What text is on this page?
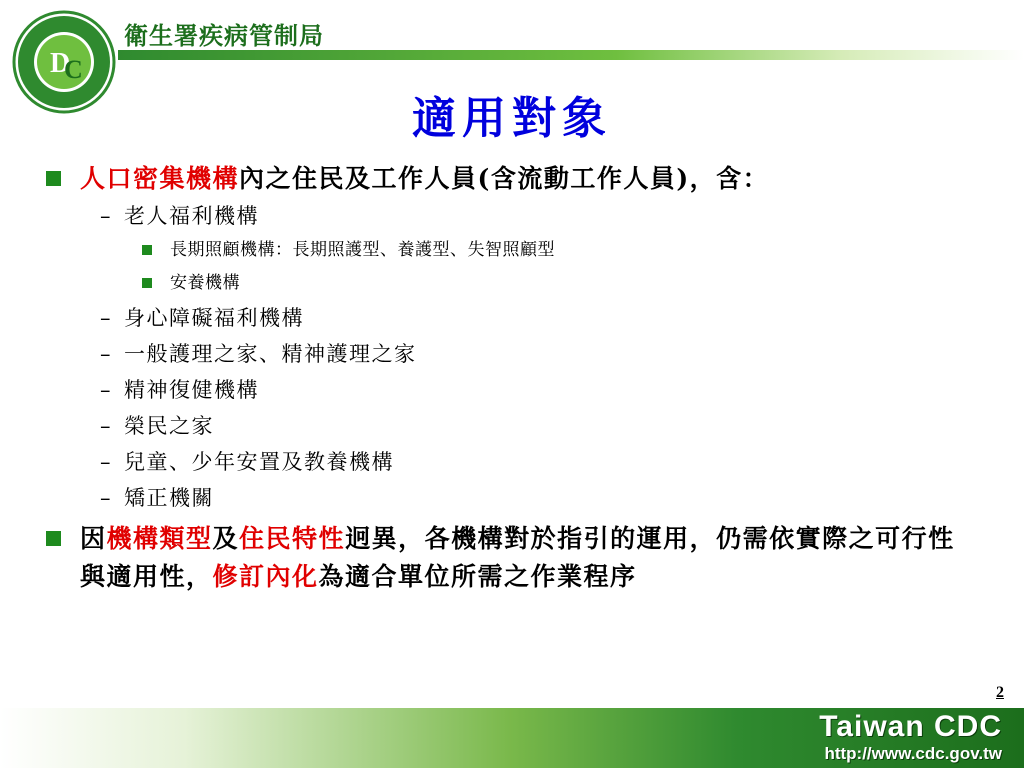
D
C
衛生署疾病管制局
適用對象
人口密集機構內之住民及工作人員(含流動工作人員)，含：
– 老人福利機構
長期照顧機構：長期照護型、養護型、失智照顧型
安養機構
– 身心障礙福利機構
– 一般護理之家、精神護理之家
– 精神復健機構
– 榮民之家
– 兒童、少年安置及教養機構
– 矯正機關
因機構類型及住民特性迥異，各機構對於指引的運用，仍需依實際之可行性與適用性，修訂內化為適合單位所需之作業程序
2
Taiwan CDC
http://www.cdc.gov.tw
